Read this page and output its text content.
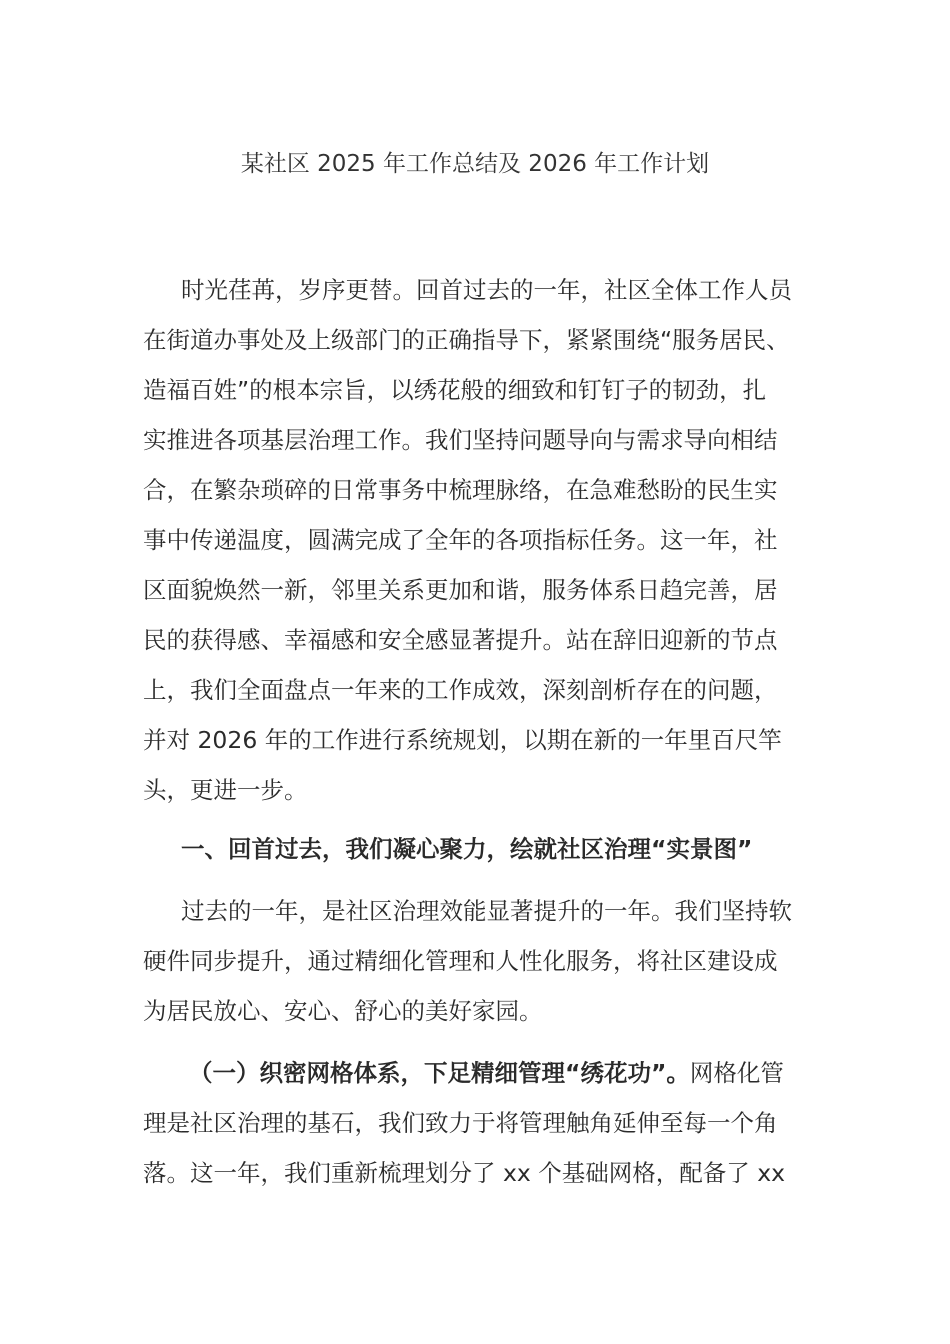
某社区 2025 年工作总结及 2026 年工作计划
时光荏苒，岁序更替。回首过去的一年，社区全体工作人员
在街道办事处及上级部门的正确指导下，紧紧围绕“服务居民、
造福百姓”的根本宗旨，以绣花般的细致和钉钉子的韧劲，扎
实推进各项基层治理工作。我们坚持问题导向与需求导向相结
合，在繁杂琐碎的日常事务中梳理脉络，在急难愁盼的民生实
事中传递温度，圆满完成了全年的各项指标任务。这一年，社
区面貌焕然一新，邻里关系更加和谐，服务体系日趋完善，居
民的获得感、幸福感和安全感显著提升。站在辞旧迎新的节点
上，我们全面盘点一年来的工作成效，深刻剖析存在的问题，
并对 2026 年的工作进行系统规划，以期在新的一年里百尺竿
头，更进一步。
一、回首过去，我们凝心聚力，绘就社区治理“实景图”
过去的一年，是社区治理效能显著提升的一年。我们坚持软
硬件同步提升，通过精细化管理和人性化服务，将社区建设成
为居民放心、安心、舒心的美好家园。
（一）织密网格体系，下足精细管理“绣花功”。网格化管
理是社区治理的基石，我们致力于将管理触角延伸至每一个角
落。这一年，我们重新梳理划分了 xx 个基础网格，配备了 xx
